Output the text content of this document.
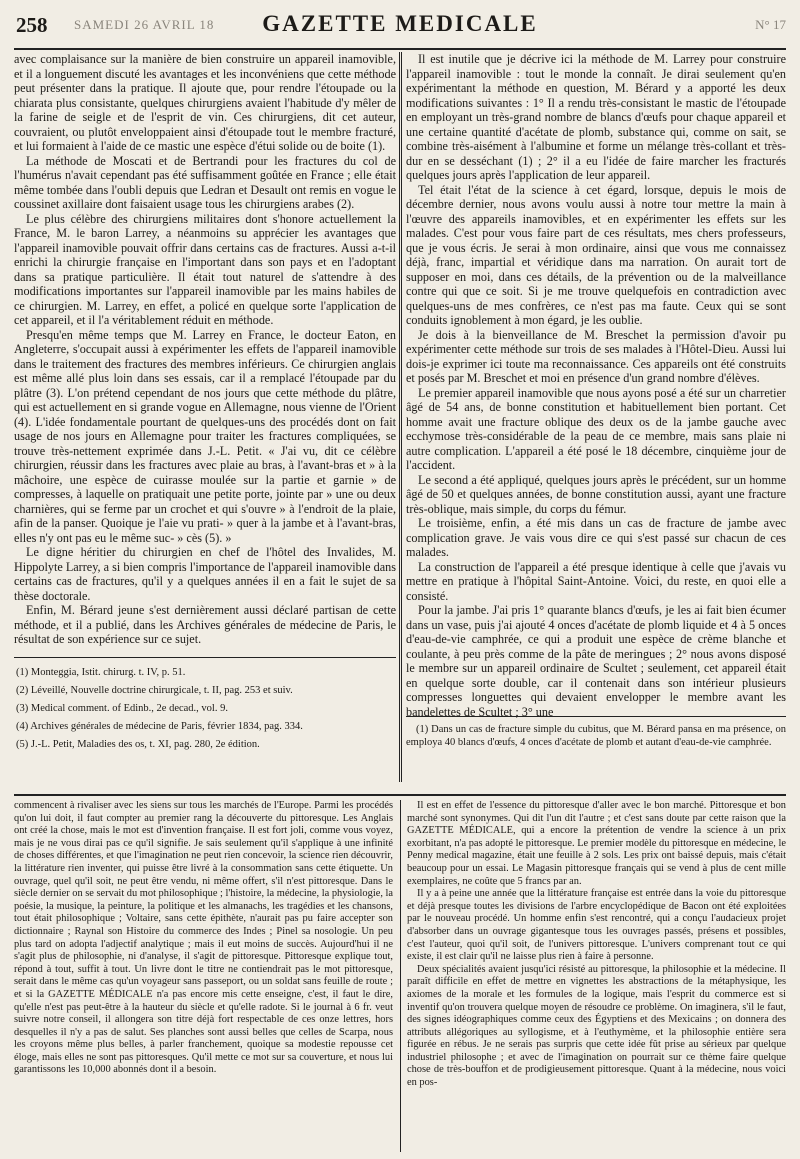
258 SAMEDI 26 AVRIL 18	GAZETTE MEDICALE	N° 17

avec complaisance sur la manière de bien construire un appareil inamovible, et il a longuement discuté les avantages et les inconvéniens que cette méthode peut présenter dans la pratique. Il ajoute que, pour rendre l'étoupade ou la chiarata plus consistante, quelques chirurgiens avaient l'habitude d'y mêler de la farine de seigle et de l'esprit de vin. Ces chirurgiens, dit cet auteur, couvraient, ou plutôt enveloppaient ainsi d'étoupade tout le membre fracturé, et lui formaient à l'aide de ce mastic une espèce d'étui solide ou de boite (1).

La méthode de Moscati et de Bertrandi pour les fractures du col de l'humérus n'avait cependant pas été suffisamment goûtée en France ; elle était même tombée dans l'oubli depuis que Ledran et Desault ont remis en vogue le coussinet axillaire dont faisaient usage tous les chirurgiens arabes (2).

Le plus célèbre des chirurgiens militaires dont s'honore actuellement la France, M. le baron Larrey, a néanmoins su apprécier les avantages que l'appareil inamovible pouvait offrir dans certains cas de fractures. Aussi a-t-il enrichi la chirurgie française en l'important dans son pays et en l'adoptant dans sa pratique particulière. Il était tout naturel de s'attendre à des modifications importantes sur l'appareil inamovible par les mains habiles de ce chirurgien. M. Larrey, en effet, a policé en quelque sorte l'application de cet appareil, et il l'a véritablement réduit en méthode.

Presqu'en même temps que M. Larrey en France, le docteur Eaton, en Angleterre, s'occupait aussi à expérimenter les effets de l'appareil inamovible dans le traitement des fractures des membres inférieurs. Ce chirurgien anglais est même allé plus loin dans ses essais, car il a remplacé l'étoupade par du plâtre (3). L'on prétend cependant de nos jours que cette méthode du plâtre, qui est actuellement en si grande vogue en Allemagne, nous vienne de l'Orient (4). L'idée fondamentale pourtant de quelques-uns des procédés dont on fait usage de nos jours en Allemagne pour traiter les fractures compliquées, se trouve très-nettement exprimée dans J.-L. Petit. « J'ai vu, dit ce célèbre chirurgien, réussir dans les fractures avec plaie au bras, à l'avant-bras et » à la mâchoire, une espèce de cuirasse moulée sur la partie et garnie » de compresses, à laquelle on pratiquait une petite porte, jointe par » une ou deux charnières, qui se ferme par un crochet et qui s'ouvre » à l'endroit de la plaie, afin de la panser. Quoique je l'aie vu prati- » quer à la jambe et à l'avant-bras, elles n'y ont pas eu le même suc- » cès (5). »

Le digne héritier du chirurgien en chef de l'hôtel des Invalides, M. Hippolyte Larrey, a si bien compris l'importance de l'appareil inamovible dans certains cas de fractures, qu'il y a quelques années il en a fait le sujet de sa thèse doctorale.

Enfin, M. Bérard jeune s'est dernièrement aussi déclaré partisan de cette méthode, et il a publié, dans les Archives générales de médecine de Paris, le résultat de son expérience sur ce sujet.

(1) Monteggia, Istit. chirurg. t. IV, p. 51.
(2) Léveillé, Nouvelle doctrine chirurgicale, t. II, pag. 253 et suiv.
(3) Medical comment. of Edinb., 2e decad., vol. 9.
(4) Archives générales de médecine de Paris, février 1834, pag. 334.
(5) J.-L. Petit, Maladies des os, t. XI, pag. 280, 2e édition.

Il est inutile que je décrive ici la méthode de M. Larrey pour construire l'appareil inamovible : tout le monde la connaît. Je dirai seulement qu'en expérimentant la méthode en question, M. Bérard y a apporté les deux modifications suivantes : 1° Il a rendu très-consistant le mastic de l'étoupade en employant un très-grand nombre de blancs d'œufs pour chaque appareil et une certaine quantité d'acétate de plomb, substance qui, comme on sait, se combine très-aisément à l'albumine et forme un mélange très-collant et très-dur en se desséchant (1) ; 2° il a eu l'idée de faire marcher les fracturés quelques jours après l'application de leur appareil.

Tel était l'état de la science à cet égard, lorsque, depuis le mois de décembre dernier, nous avons voulu aussi à notre tour mettre la main à l'œuvre des appareils inamovibles, et en expérimenter les effets sur les malades. C'est pour vous faire part de ces résultats, mes chers professeurs, que je vous écris. Je serai à mon ordinaire, ainsi que vous me connaissez déjà, franc, impartial et véridique dans ma narration. On aurait tort de supposer en moi, dans ces détails, de la prévention ou de la malveillance contre qui que ce soit. Si je me trouve quelquefois en contradiction avec quelques-uns de mes confrères, ce n'est pas ma faute. Ceux qui se sont conduits ignoblement à mon égard, je les oublie.

Je dois à la bienveillance de M. Breschet la permission d'avoir pu expérimenter cette méthode sur trois de ses malades à l'Hôtel-Dieu. Aussi lui dois-je exprimer ici toute ma reconnaissance. Ces appareils ont été construits et posés par M. Breschet et moi en présence d'un grand nombre d'élèves.

Le premier appareil inamovible que nous ayons posé a été sur un charretier âgé de 54 ans, de bonne constitution et habituellement bien portant. Cet homme avait une fracture oblique des deux os de la jambe gauche avec ecchymose très-considérable de la peau de ce membre, mais sans plaie ni autre complication. L'appareil a été posé le 18 décembre, cinquième jour de l'accident.

Le second a été appliqué, quelques jours après le précédent, sur un homme âgé de 50 et quelques années, de bonne constitution aussi, ayant une fracture très-oblique, mais simple, du corps du fémur.

Le troisième, enfin, a été mis dans un cas de fracture de jambe avec complication grave. Je vais vous dire ce qui s'est passé sur chacun de ces malades.

La construction de l'appareil a été presque identique à celle que j'avais vu mettre en pratique à l'hôpital Saint-Antoine. Voici, du reste, en quoi elle a consisté.

Pour la jambe. J'ai pris 1° quarante blancs d'œufs, je les ai fait bien écumer dans un vase, puis j'ai ajouté 4 onces d'acétate de plomb liquide et 4 à 5 onces d'eau-de-vie camphrée, ce qui a produit une espèce de crème blanche et coulante, à peu près comme de la pâte de meringues ; 2° nous avons disposé le membre sur un appareil ordinaire de Scultet ; seulement, cet appareil était en quelque sorte double, car il contenait dans son intérieur plusieurs compresses longuettes qui devaient envelopper le membre avant les bandelettes de Scultet ; 3° une

(1) Dans un cas de fracture simple du cubitus, que M. Bérard pansa en ma présence, on employa 40 blancs d'œufs, 4 onces d'acétate de plomb et autant d'eau-de-vie camphrée.

commencent à rivaliser avec les siens sur tous les marchés de l'Europe. Parmi les procédés qu'on lui doit, il faut compter au premier rang la découverte du pittoresque. Les Anglais ont créé la chose, mais le mot est d'invention française. Il est fort joli, comme vous voyez, mais je ne vous dirai pas ce qu'il signifie. Je sais seulement qu'il s'applique à une infinité de choses différentes, et que l'imagination ne peut rien concevoir, la science rien découvrir, la littérature rien inventer, qui puisse être livré à la consommation sans cette étiquette. Un ouvrage, quel qu'il soit, ne peut être vendu, ni même offert, s'il n'est pittoresque. Dans le siècle dernier on se servait du mot philosophique ; l'histoire, la médecine, la physiologie, la poésie, la musique, la peinture, la politique et les almanachs, les tragédies et les chansons, tout était philosophique ; Voltaire, sans cette épithète, n'aurait pas pu faire accepter son dictionnaire ; Raynal son Histoire du commerce des Indes ; Pinel sa nosologie. Un peu plus tard on adopta l'adjectif analytique ; mais il eut moins de succès. Aujourd'hui il ne s'agit plus de philosophie, ni d'analyse, il s'agit de pittoresque. Pittoresque explique tout, répond à tout, suffit à tout. Un livre dont le titre ne contiendrait pas le mot pittoresque, serait dans le même cas qu'un voyageur sans passeport, ou un soldat sans feuille de route ; et si la GAZETTE MÉDICALE n'a pas encore mis cette enseigne, c'est, il faut le dire, qu'elle n'est pas peut-être à la hauteur du siècle et qu'elle radote. Si le journal à 6 fr. veut suivre notre conseil, il allongera son titre déjà fort respectable de ces onze lettres, hors desquelles il n'y a pas de salut. Ses planches sont aussi belles que celles de Scarpa, nous les croyons même plus belles, à parler franchement, quoique sa modestie repousse cet éloge, mais elles ne sont pas pittoresques. Qu'il mette ce mot sur sa couverture, et nous lui garantissons les 10,000 abonnés dont il a besoin.

Il est en effet de l'essence du pittoresque d'aller avec le bon marché. Pittoresque et bon marché sont synonymes. Qui dit l'un dit l'autre ; et c'est sans doute par cette raison que la GAZETTE MÉDICALE, qui a encore la prétention de vendre la science à un prix exorbitant, n'a pas adopté le pittoresque. Le premier modèle du pittoresque en médecine, le Penny medical magazine, était une feuille à 2 sols. Les prix ont baissé depuis, mais c'était beaucoup pour un essai. Le Magasin pittoresque français qui se vend à plus de cent mille exemplaires, ne coûte que 5 francs par an.

Il y a à peine une année que la littérature française est entrée dans la voie du pittoresque et déjà presque toutes les divisions de l'arbre encyclopédique de Bacon ont été exploitées par le nouveau procédé. Un homme enfin s'est rencontré, qui a conçu l'audacieux projet d'absorber dans un ouvrage gigantesque tous les ouvrages passés, présens et possibles, c'est l'auteur, quoi qu'il soit, de l'univers pittoresque. L'univers comprenant tout ce qui existe, il est clair qu'il ne laisse plus rien à faire à personne.

Deux spécialités avaient jusqu'ici résisté au pittoresque, la philosophie et la médecine. Il paraît difficile en effet de mettre en vignettes les abstractions de la métaphysique, les axiomes de la morale et les formules de la logique, mais l'esprit du commerce est si inventif qu'on trouvera quelque moyen de résoudre ce problème. On imaginera, s'il le faut, des signes idéographiques comme ceux des Égyptiens et des Mexicains ; on donnera des attributs allégoriques au syllogisme, et à l'euthymème, et la philosophie entière sera figurée en rébus. Je ne serais pas surpris que cette idée fût prise au sérieux par quelque industriel philosophe ; et avec de l'imagination on pourrait sur ce thème faire quelque chose de très-bouffon et de prodigieusement pittoresque. Quant à la médecine, nous voici en pos-
